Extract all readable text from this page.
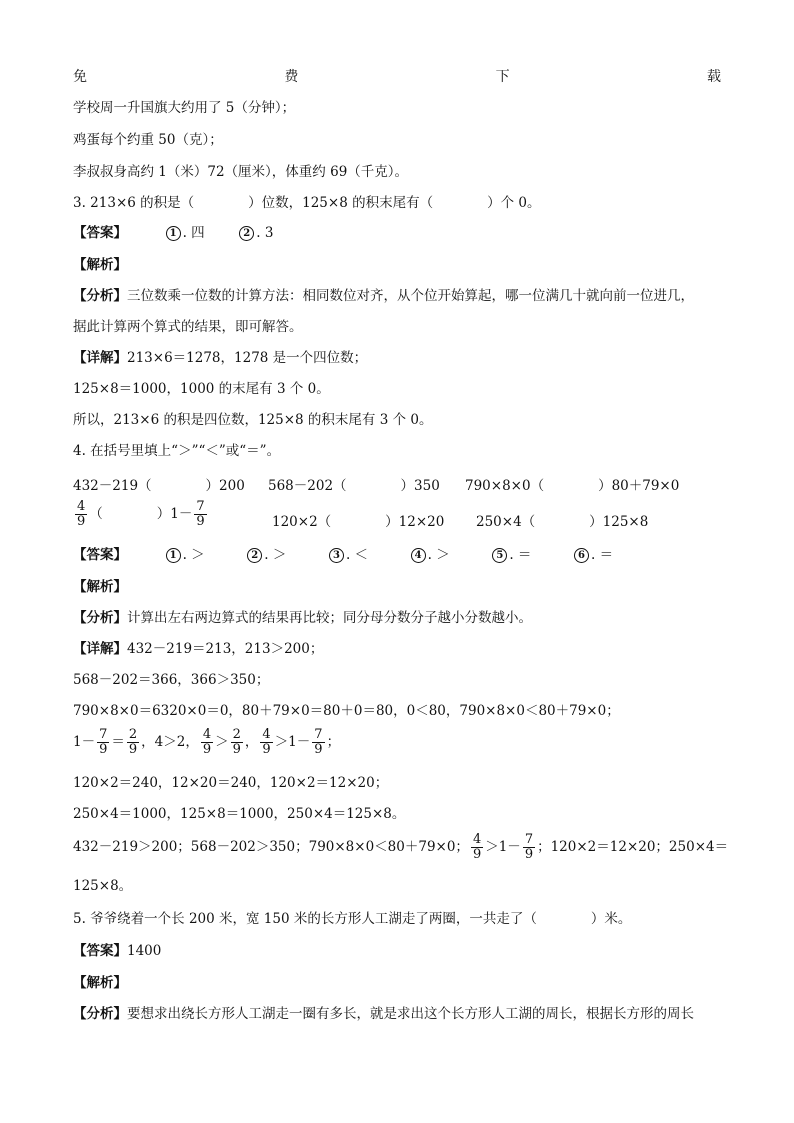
免	费	下	载
学校周一升国旗大约用了 5（分钟）；
鸡蛋每个约重 50（克）；
李叔叔身高约 1（米）72（厘米），体重约 69（千克）。
3. 213×6 的积是（　　　　）位数，125×8 的积末尾有（　　　　）个 0。
【答案】	1 . 四	2 . 3
【解析】
【分析】三位数乘一位数的计算方法：相同数位对齐，从个位开始算起，哪一位满几十就向前一位进几，
据此计算两个算式的结果，即可解答。
【详解】213×6＝1278，1278 是一个四位数；
125×8＝1000，1000 的末尾有 3 个 0。
所以，213×6 的积是四位数，125×8 的积末尾有 3 个 0。
4. 在括号里填上“＞”“＜”或“＝”。
432－219（　　　　）200 568－202（　　　　）350 790×8×0（　　　　）80＋79×0
$\frac{4}{9}$ （　　　　）$1- \frac{7}{9}$	120×2（　　　　）12×20 250×4（　　　　）125×8
【答案】	1 . ＞	2 . ＞	3 . ＜	4 . ＞	5 . ＝	6 . ＝
【解析】
【分析】计算出左右两边算式的结果再比较；同分母分数分子越小分数越小。
【详解】432－219＝213，213＞200；
568－202＝366，366＞350；
790×8×0＝6320×0＝0，80＋79×0＝80＋0＝80，0＜80，790×8×0＜80＋79×0；
$1- \frac{7}{9} = \frac{2}{9}$ ，4＞2， $\frac{4}{9} > \frac{2}{9}$ ， $\frac{4}{9} >1- \frac{7}{9}$ ；
120×2＝240，12×20＝240，120×2＝12×20；
250×4＝1000，125×8＝1000，250×4＝125×8。
432－219＞200；568－202＞350；790×8×0＜80＋79×0； $\frac{4}{9} >1- \frac{7}{9}$ ；120×2＝12×20；250×4＝
125×8。
5. 爷爷绕着一个长 200 米，宽 150 米的长方形人工湖走了两圈，一共走了（　　　　）米。
【答案】1400
【解析】
【分析】要想求出绕长方形人工湖走一圈有多长，就是求出这个长方形人工湖的周长，根据长方形的周长
